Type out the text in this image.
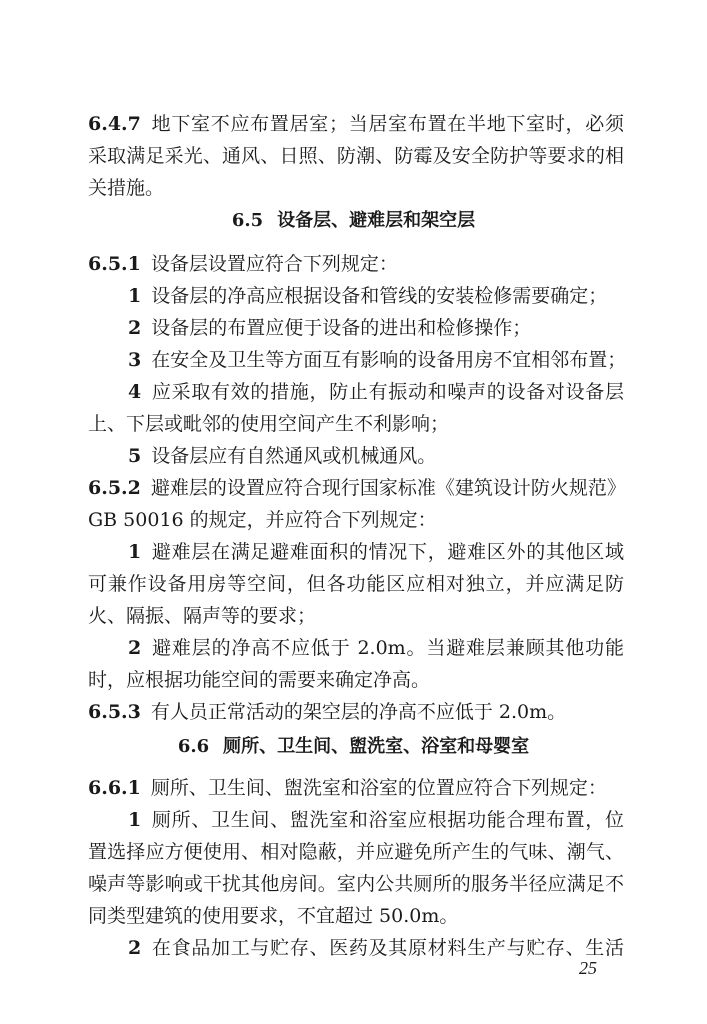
6.4.7 地下室不应布置居室；当居室布置在半地下室时，必须
采取满足采光、通风、日照、防潮、防霉及安全防护等要求的相
关措施。
6.5 设备层、避难层和架空层
6.5.1 设备层设置应符合下列规定：
1 设备层的净高应根据设备和管线的安装检修需要确定；
2 设备层的布置应便于设备的进出和检修操作；
3 在安全及卫生等方面互有影响的设备用房不宜相邻布置；
4 应采取有效的措施，防止有振动和噪声的设备对设备层
上、下层或毗邻的使用空间产生不利影响；
5 设备层应有自然通风或机械通风。
6.5.2 避难层的设置应符合现行国家标准《建筑设计防火规范》
GB 50016 的规定，并应符合下列规定：
1 避难层在满足避难面积的情况下，避难区外的其他区域
可兼作设备用房等空间，但各功能区应相对独立，并应满足防
火、隔振、隔声等的要求；
2 避难层的净高不应低于 2.0m。当避难层兼顾其他功能
时，应根据功能空间的需要来确定净高。
6.5.3 有人员正常活动的架空层的净高不应低于 2.0m。
6.6 厕所、卫生间、盥洗室、浴室和母婴室
6.6.1 厕所、卫生间、盥洗室和浴室的位置应符合下列规定：
1 厕所、卫生间、盥洗室和浴室应根据功能合理布置，位
置选择应方便使用、相对隐蔽，并应避免所产生的气味、潮气、
噪声等影响或干扰其他房间。室内公共厕所的服务半径应满足不
同类型建筑的使用要求，不宜超过 50.0m。
2 在食品加工与贮存、医药及其原材料生产与贮存、生活
25
